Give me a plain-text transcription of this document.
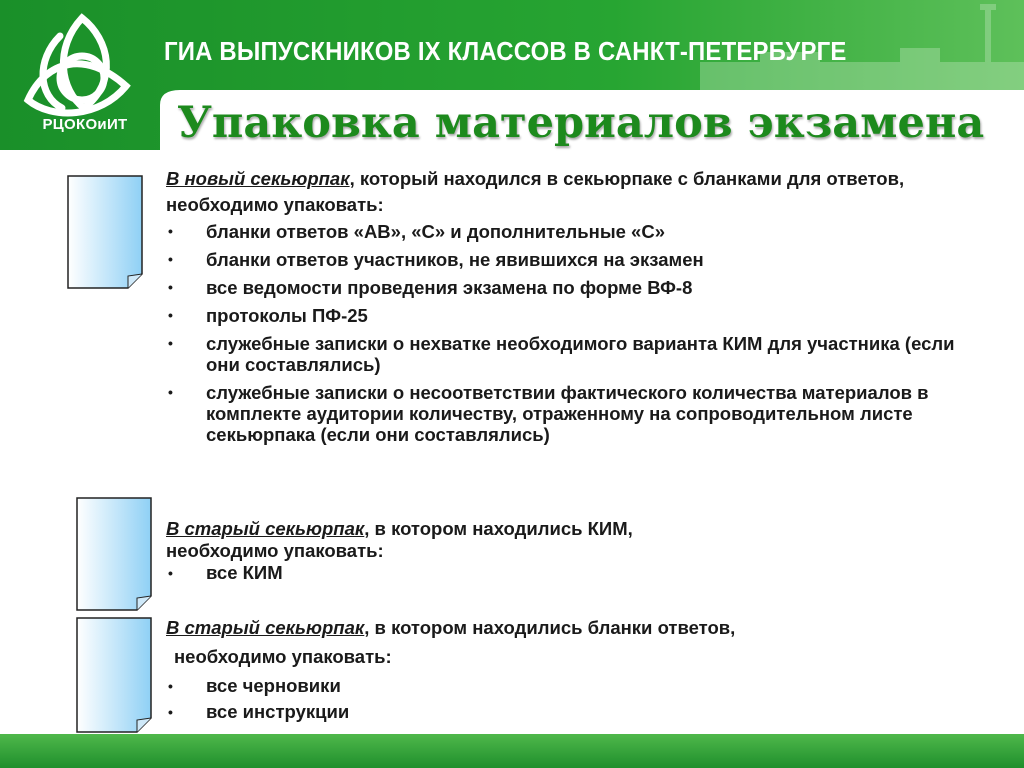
РЦОКОиИТ
ГИА ВЫПУСКНИКОВ IX КЛАССОВ В САНКТ-ПЕТЕРБУРГЕ
Упаковка материалов экзамена

В новый секьюрпак, который находился в секьюрпаке с бланками для ответов,

необходимо упаковать:

• бланки ответов «АВ», «С» и дополнительные «С»
• бланки ответов участников, не явившихся на экзамен
• все ведомости проведения экзамена по форме ВФ-8
• протоколы ПФ-25
• служебные записки о нехватке необходимого варианта КИМ для участника (если они составлялись)
• служебные записки о несоответствии фактического количества материалов в комплекте аудитории количеству, отраженному на сопроводительном листе секьюрпака (если они составлялись)

В старый секьюрпак, в котором находились КИМ,

необходимо упаковать:

• все КИМ

В старый секьюрпак, в котором находились бланки ответов,

необходимо упаковать:

• все черновики
• все инструкции
